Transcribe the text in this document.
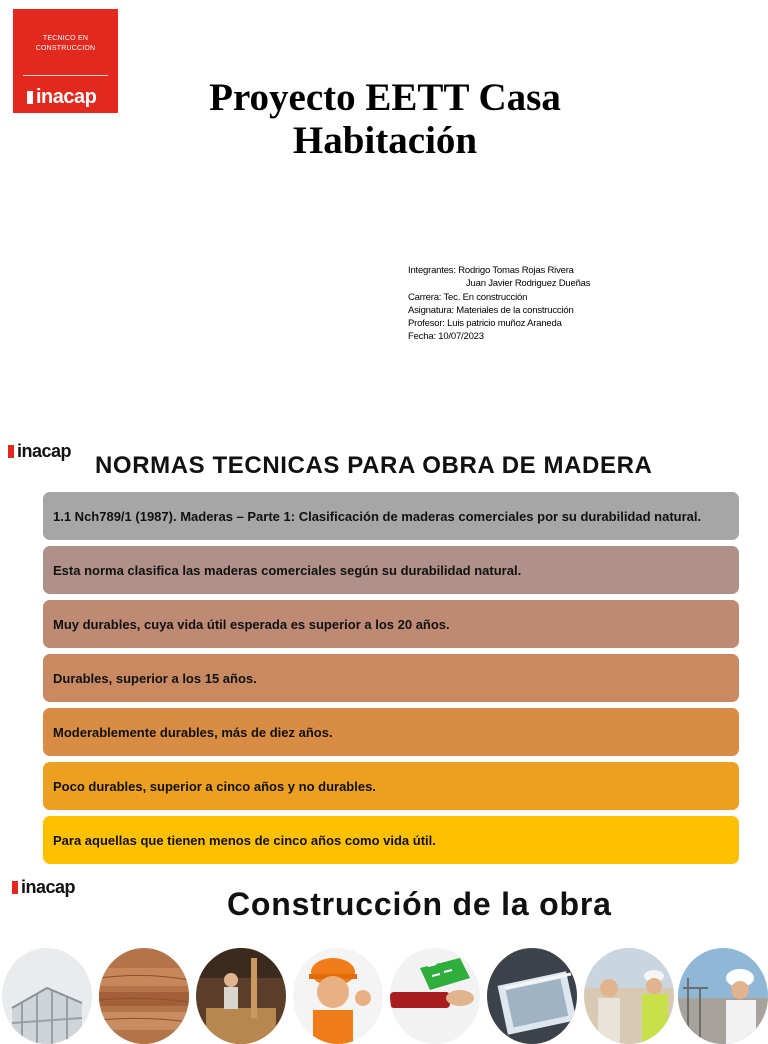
TECNICO EN
CONSTRUCCION
inacap	Proyecto EETT Casa
Habitación
Integrantes: Rodrigo Tomas Rojas Rivera
Juan Javier Rodriguez Dueñas
Carrera: Tec. En construcción
Asignatura: Materiales de la construcción
Profesor: Luis patricio muñoz Araneda
Fecha: 10/07/2023
inacap
NORMAS TECNICAS PARA OBRA DE MADERA
1.1 Nch789/1 (1987). Maderas – Parte 1: Clasificación de maderas comerciales por su durabilidad natural.
Esta norma clasifica las maderas comerciales según su durabilidad natural.
Muy durables, cuya vida útil esperada es superior a los 20 años.
Durables, superior a los 15 años.
Moderablemente durables, más de diez años.
Poco durables, superior a cinco años y no durables.
Para aquellas que tienen menos de cinco años como vida útil.
inacap	Construcción de la obra
